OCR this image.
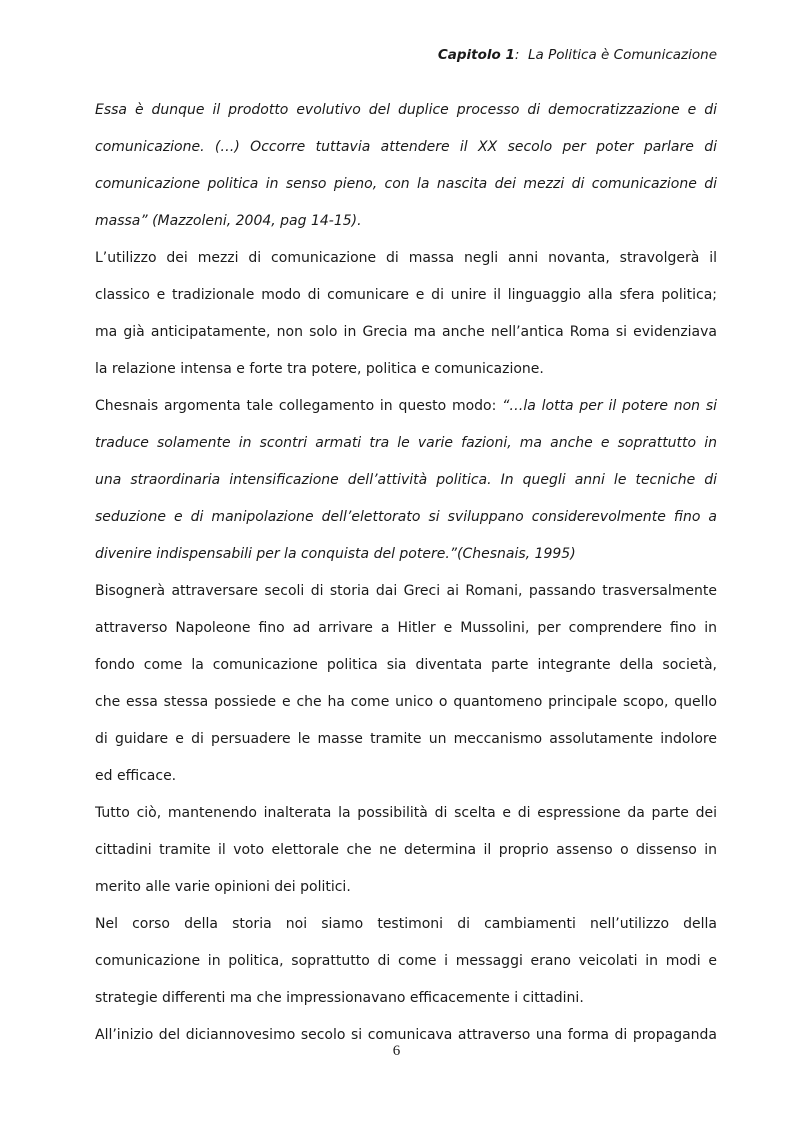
Capitolo 1: La Politica è Comunicazione
Essa è dunque il prodotto evolutivo del duplice processo di democratizzazione e di
comunicazione. (…) Occorre tuttavia attendere il XX secolo per poter parlare di
comunicazione politica in senso pieno, con la nascita dei mezzi di comunicazione di
massa” (Mazzoleni, 2004, pag 14-15).
L’utilizzo dei mezzi di comunicazione di massa negli anni novanta, stravolgerà il
classico e tradizionale modo di comunicare e di unire il linguaggio alla sfera politica;
ma già anticipatamente, non solo in Grecia ma anche nell’antica Roma si evidenziava
la relazione intensa e forte tra potere, politica e comunicazione.
Chesnais argomenta tale collegamento in questo modo: “…la lotta per il potere non si
traduce solamente in scontri armati tra le varie fazioni, ma anche e soprattutto in
una straordinaria intensificazione dell’attività politica. In quegli anni le tecniche di
seduzione e di manipolazione dell’elettorato si sviluppano considerevolmente fino a
divenire indispensabili per la conquista del potere.”(Chesnais, 1995)
Bisognerà attraversare secoli di storia dai Greci ai Romani, passando trasversalmente
attraverso Napoleone fino ad arrivare a Hitler e Mussolini, per comprendere fino in
fondo come la comunicazione politica sia diventata parte integrante della società,
che essa stessa possiede e che ha come unico o quantomeno principale scopo, quello
di guidare e di persuadere le masse tramite un meccanismo assolutamente indolore
ed efficace.
Tutto ciò, mantenendo inalterata la possibilità di scelta e di espressione da parte dei
cittadini tramite il voto elettorale che ne determina il proprio assenso o dissenso in
merito alle varie opinioni dei politici.
Nel corso della storia noi siamo testimoni di cambiamenti nell’utilizzo della
comunicazione in politica, soprattutto di come i messaggi erano veicolati in modi e
strategie differenti ma che impressionavano efficacemente i cittadini.
All’inizio del diciannovesimo secolo si comunicava attraverso una forma di propaganda
6
